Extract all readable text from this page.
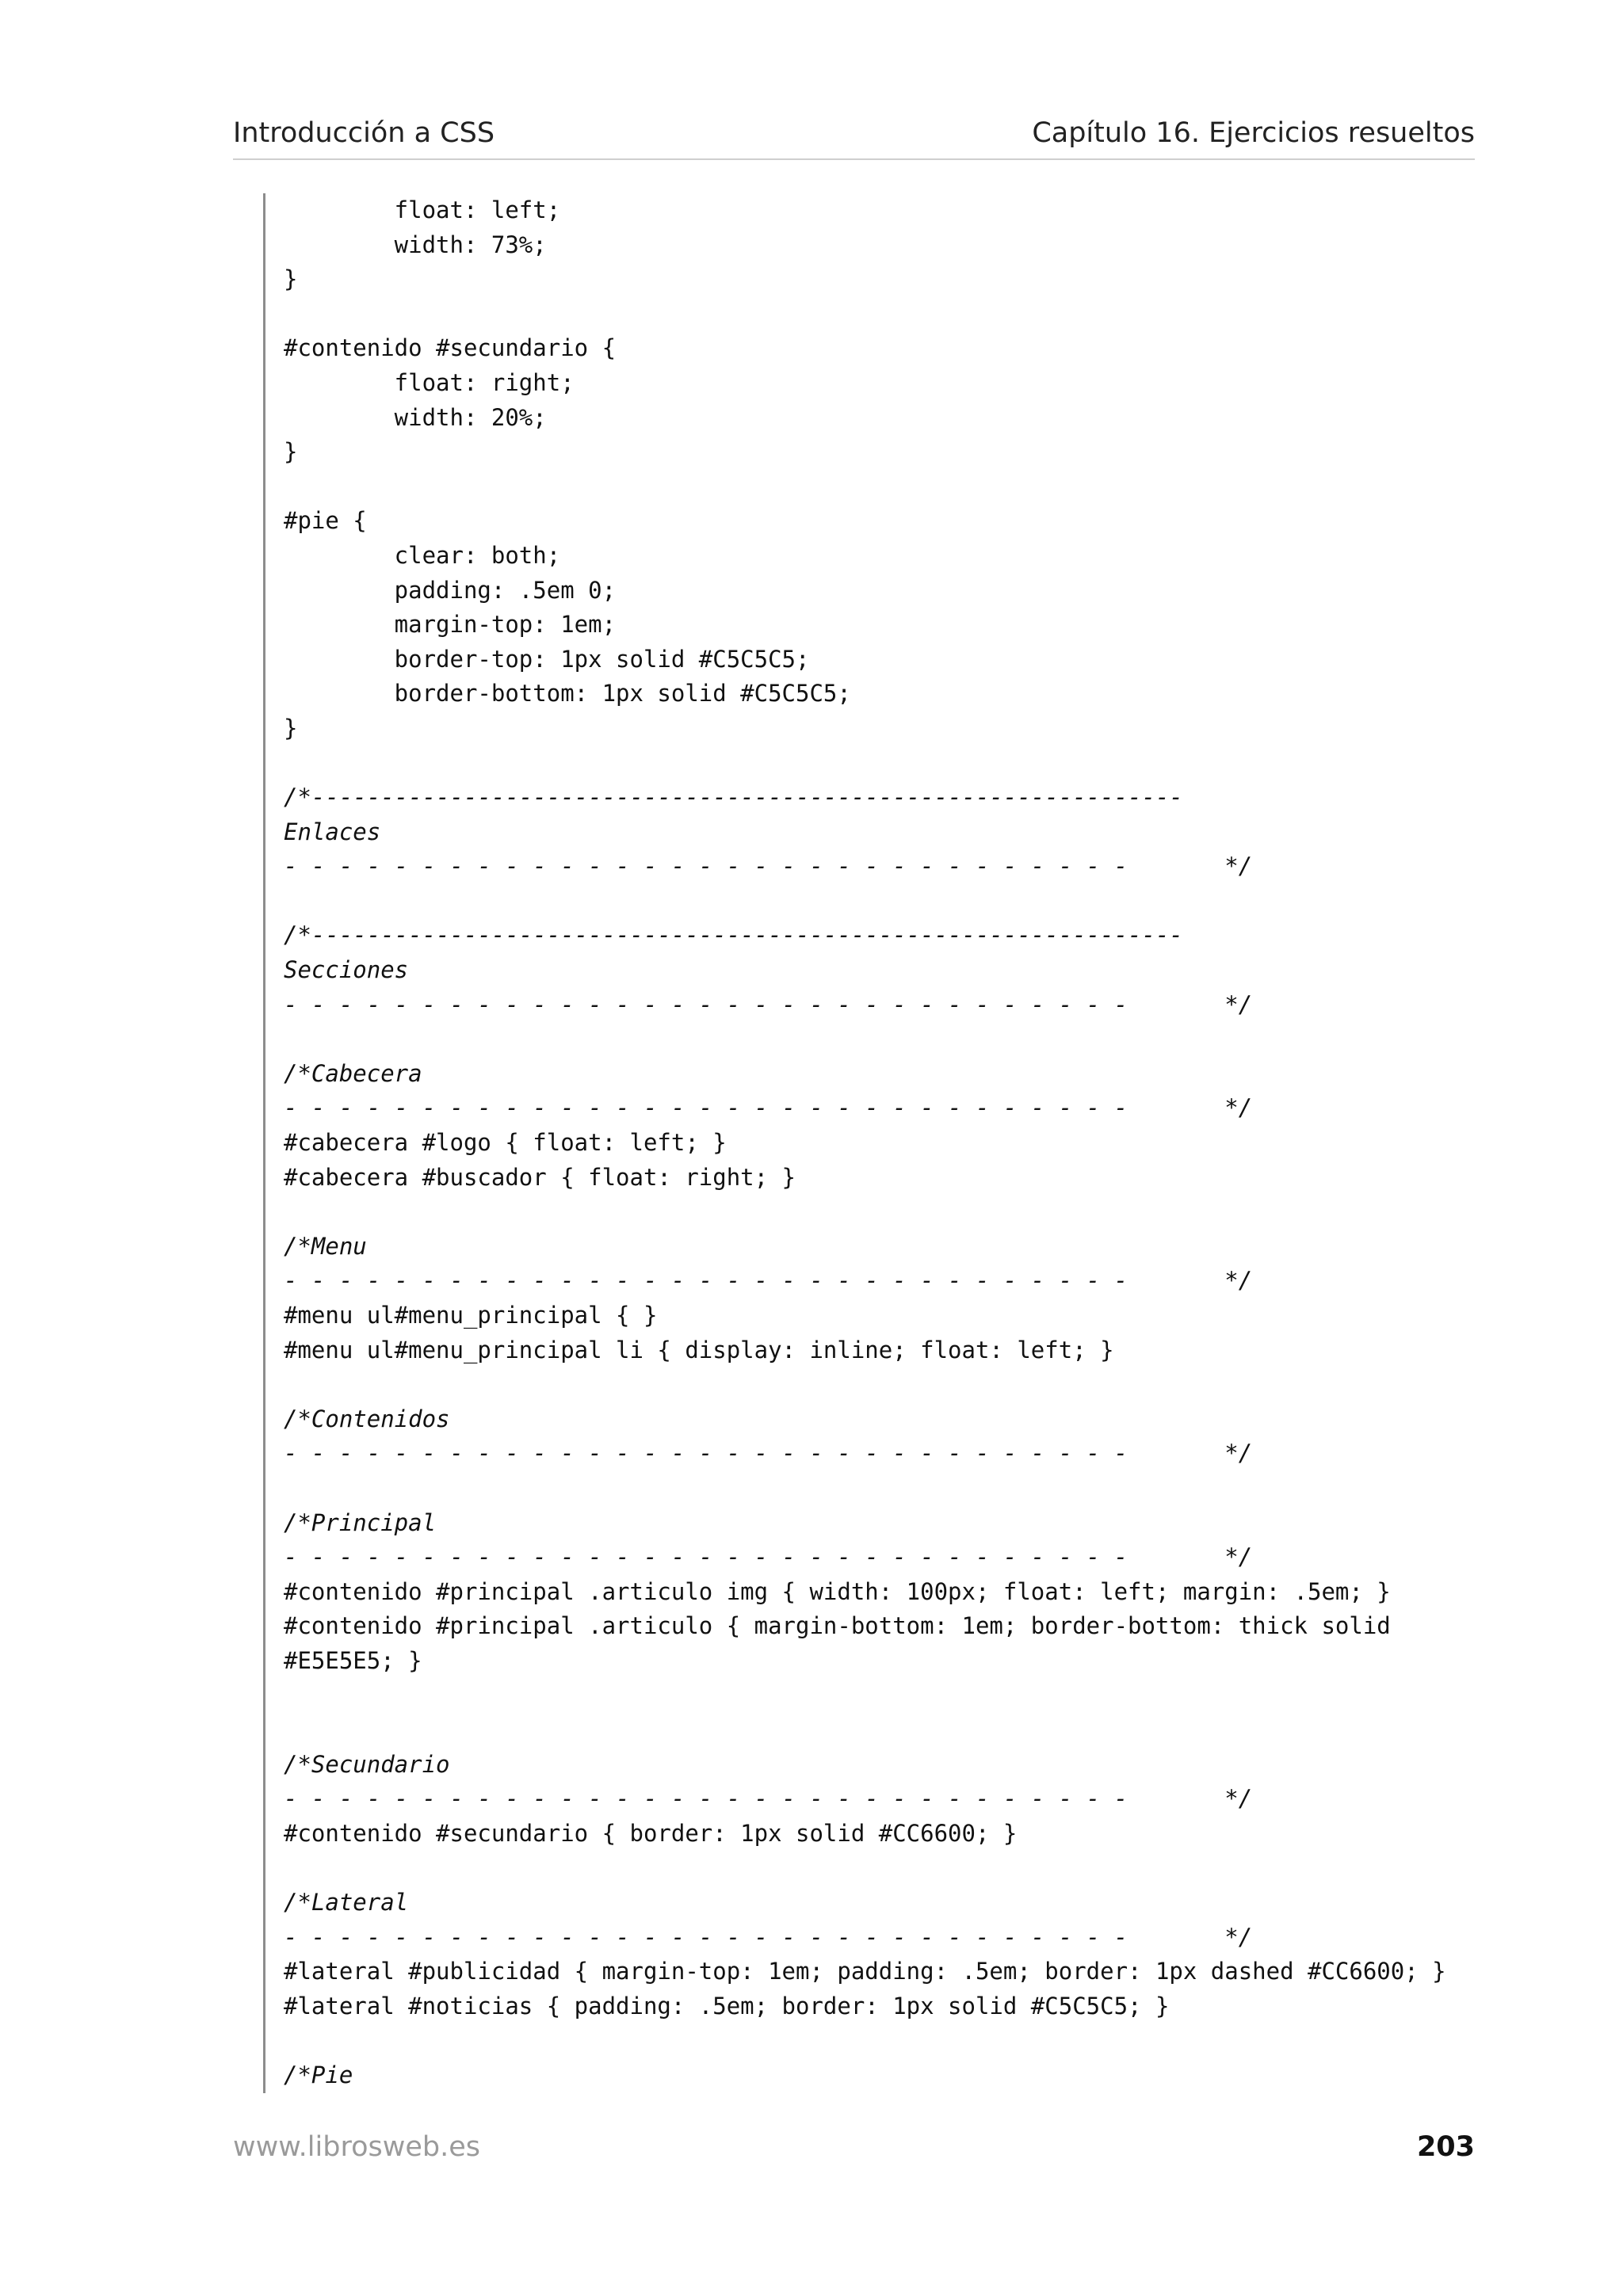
Introducción a CSS	Capítulo 16. Ejercicios resueltos
float: left;
width: 73%;
}
#contenido #secundario {
float: right;
width: 20%;
}
#pie {
clear: both;
padding: .5em 0;
margin-top: 1em;
border-top: 1px solid #C5C5C5;
border-bottom: 1px solid #C5C5C5;
}
/*---------------------------------------------------------------
Enlaces
- - - - - - - - - - - - - - - - - - - - - - - - - - - - - - -       */
/*---------------------------------------------------------------
Secciones
- - - - - - - - - - - - - - - - - - - - - - - - - - - - - - -       */
/*Cabecera
- - - - - - - - - - - - - - - - - - - - - - - - - - - - - - -       */
#cabecera #logo { float: left; }
#cabecera #buscador { float: right; }
/*Menu
- - - - - - - - - - - - - - - - - - - - - - - - - - - - - - -       */
#menu ul#menu_principal { }
#menu ul#menu_principal li { display: inline; float: left; }
/*Contenidos
- - - - - - - - - - - - - - - - - - - - - - - - - - - - - - -       */
/*Principal
- - - - - - - - - - - - - - - - - - - - - - - - - - - - - - -       */
#contenido #principal .articulo img { width: 100px; float: left; margin: .5em; }
#contenido #principal .articulo { margin-bottom: 1em; border-bottom: thick solid
#E5E5E5; }
/*Secundario
- - - - - - - - - - - - - - - - - - - - - - - - - - - - - - -       */
#contenido #secundario { border: 1px solid #CC6600; }
/*Lateral
- - - - - - - - - - - - - - - - - - - - - - - - - - - - - - -       */
#lateral #publicidad { margin-top: 1em; padding: .5em; border: 1px dashed #CC6600; }
#lateral #noticias { padding: .5em; border: 1px solid #C5C5C5; }
/*Pie
www.librosweb.es	203
